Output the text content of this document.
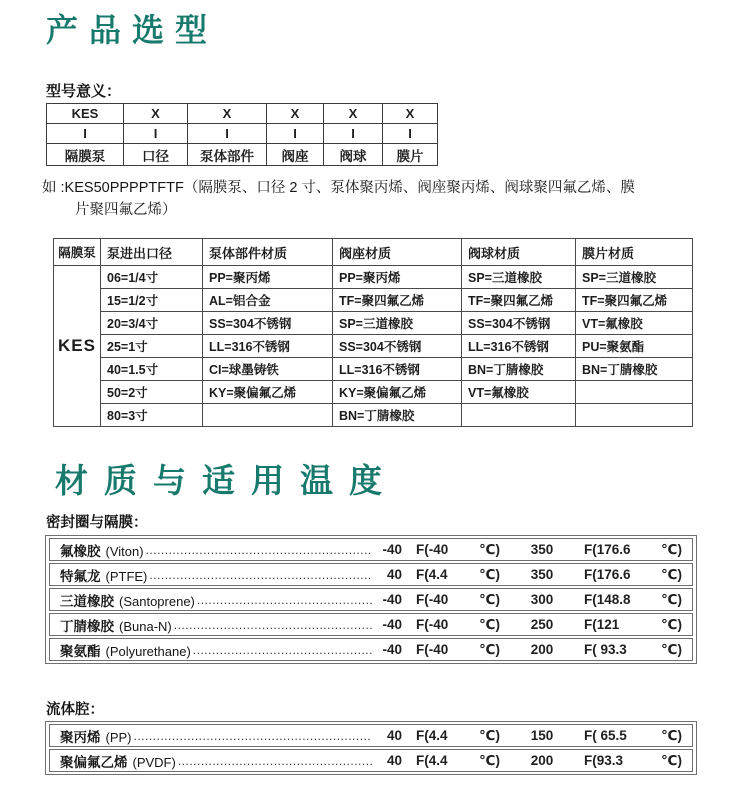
产品选型
型号意义：
KES	X	X	X	X	X
I	I	I	I	I	I
隔膜泵	口径	泵体部件	阀座	阀球	膜片
如 :KES50PPPPTFTF（隔膜泵、口径 2 寸、泵体聚丙烯、阀座聚丙烯、阀球聚四氟乙烯、膜
片聚四氟乙烯）
隔膜泵	泵进出口径	泵体部件材质	阀座材质	阀球材质	膜片材质
KES	06=1/4寸	PP=聚丙烯	PP=聚丙烯	SP=三道橡胶	SP=三道橡胶
	15=1/2寸	AL=铝合金	TF=聚四氟乙烯	TF=聚四氟乙烯	TF=聚四氟乙烯
	20=3/4寸	SS=304不锈钢	SP=三道橡胶	SS=304不锈钢	VT=氟橡胶
	25=1寸	LL=316不锈钢	SS=304不锈钢	LL=316不锈钢	PU=聚氨酯
	40=1.5寸	CI=球墨铸铁	LL=316不锈钢	BN=丁腈橡胶	BN=丁腈橡胶
	50=2寸	KY=聚偏氟乙烯	KY=聚偏氟乙烯	VT=氟橡胶	
	80=3寸		BN=丁腈橡胶		
材质与适用温度
密封圈与隔膜：
氟橡胶 (Viton) .....	-40 F(-40 ℃)	350	F(176.6 ℃)
特氟龙 (PTFE) .....	40 F(4.4 ℃)	350	F(176.6 ℃)
三道橡胶 (Santoprene) .....	-40 F(-40 ℃)	300	F(148.8 ℃)
丁腈橡胶 (Buna-N) .....	-40 F(-40 ℃)	250	F(121	℃)
聚氨酯 (Polyurethane) .....	-40 F(-40 ℃)	200	F( 93.3	℃)
流体腔：
聚丙烯 (PP) .....	40 F(4.4 ℃)	150	F( 65.5	℃)
聚偏氟乙烯 (PVDF) .....	40 F(4.4 ℃)	200	F(93.3	℃)
